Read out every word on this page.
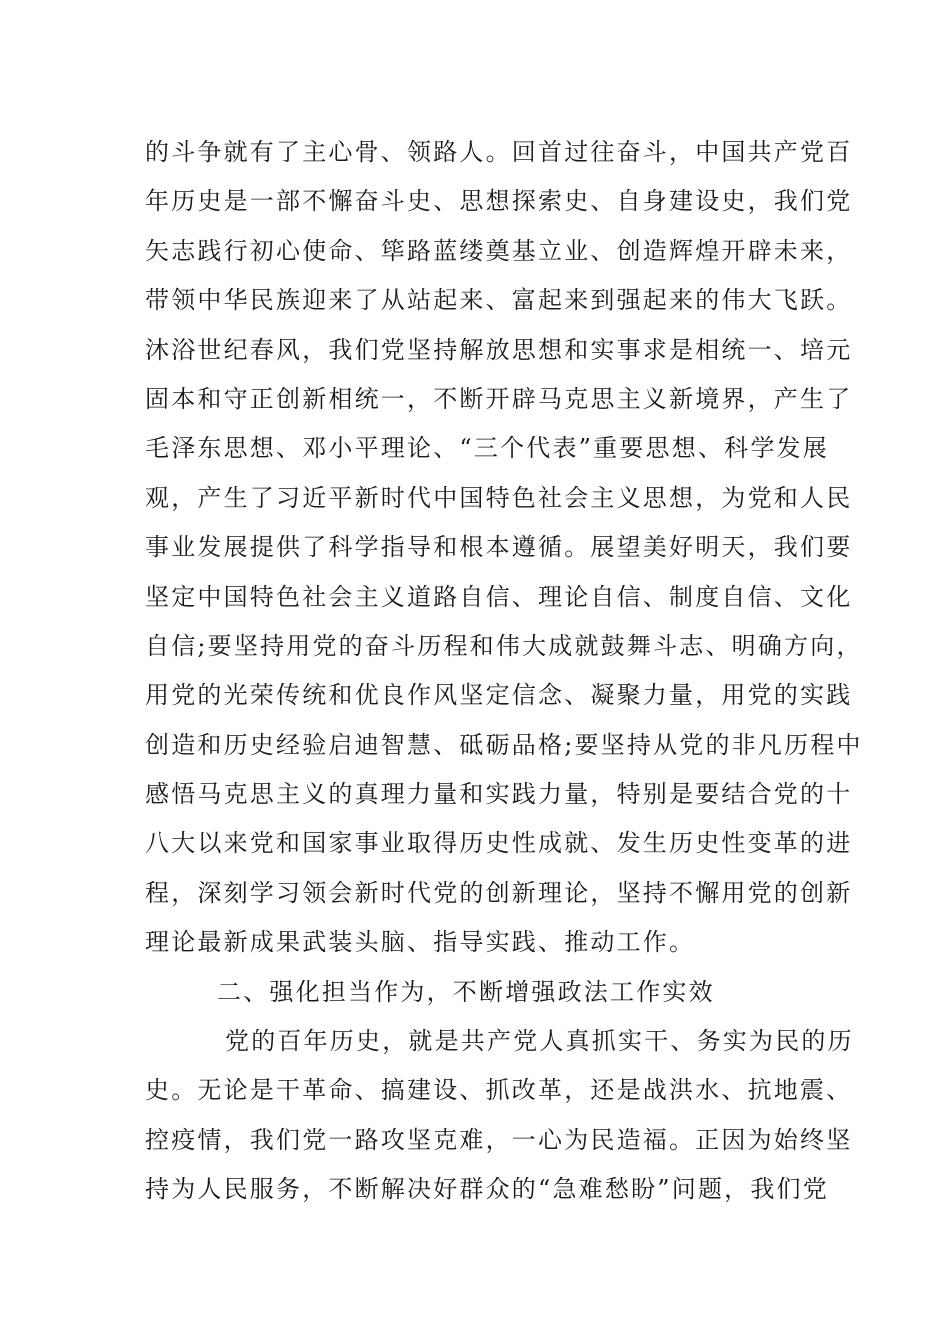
的斗争就有了主心骨、领路人。回首过往奋斗，中国共产党百
年历史是一部不懈奋斗史、思想探索史、自身建设史，我们党
矢志践行初心使命、筚路蓝缕奠基立业、创造辉煌开辟未来，
带领中华民族迎来了从站起来、富起来到强起来的伟大飞跃。
沐浴世纪春风，我们党坚持解放思想和实事求是相统一、培元
固本和守正创新相统一，不断开辟马克思主义新境界，产生了
毛泽东思想、邓小平理论、“三个代表”重要思想、科学发展
观，产生了习近平新时代中国特色社会主义思想，为党和人民
事业发展提供了科学指导和根本遵循。展望美好明天，我们要
坚定中国特色社会主义道路自信、理论自信、制度自信、文化
自信;要坚持用党的奋斗历程和伟大成就鼓舞斗志、明确方向，
用党的光荣传统和优良作风坚定信念、凝聚力量，用党的实践
创造和历史经验启迪智慧、砥砺品格;要坚持从党的非凡历程中
感悟马克思主义的真理力量和实践力量，特别是要结合党的十
八大以来党和国家事业取得历史性成就、发生历史性变革的进
程，深刻学习领会新时代党的创新理论，坚持不懈用党的创新
理论最新成果武装头脑、指导实践、推动工作。
二、强化担当作为，不断增强政法工作实效
党的百年历史，就是共产党人真抓实干、务实为民的历
史。无论是干革命、搞建设、抓改革，还是战洪水、抗地震、
控疫情，我们党一路攻坚克难，一心为民造福。正因为始终坚
持为人民服务，不断解决好群众的“急难愁盼”问题，我们党
